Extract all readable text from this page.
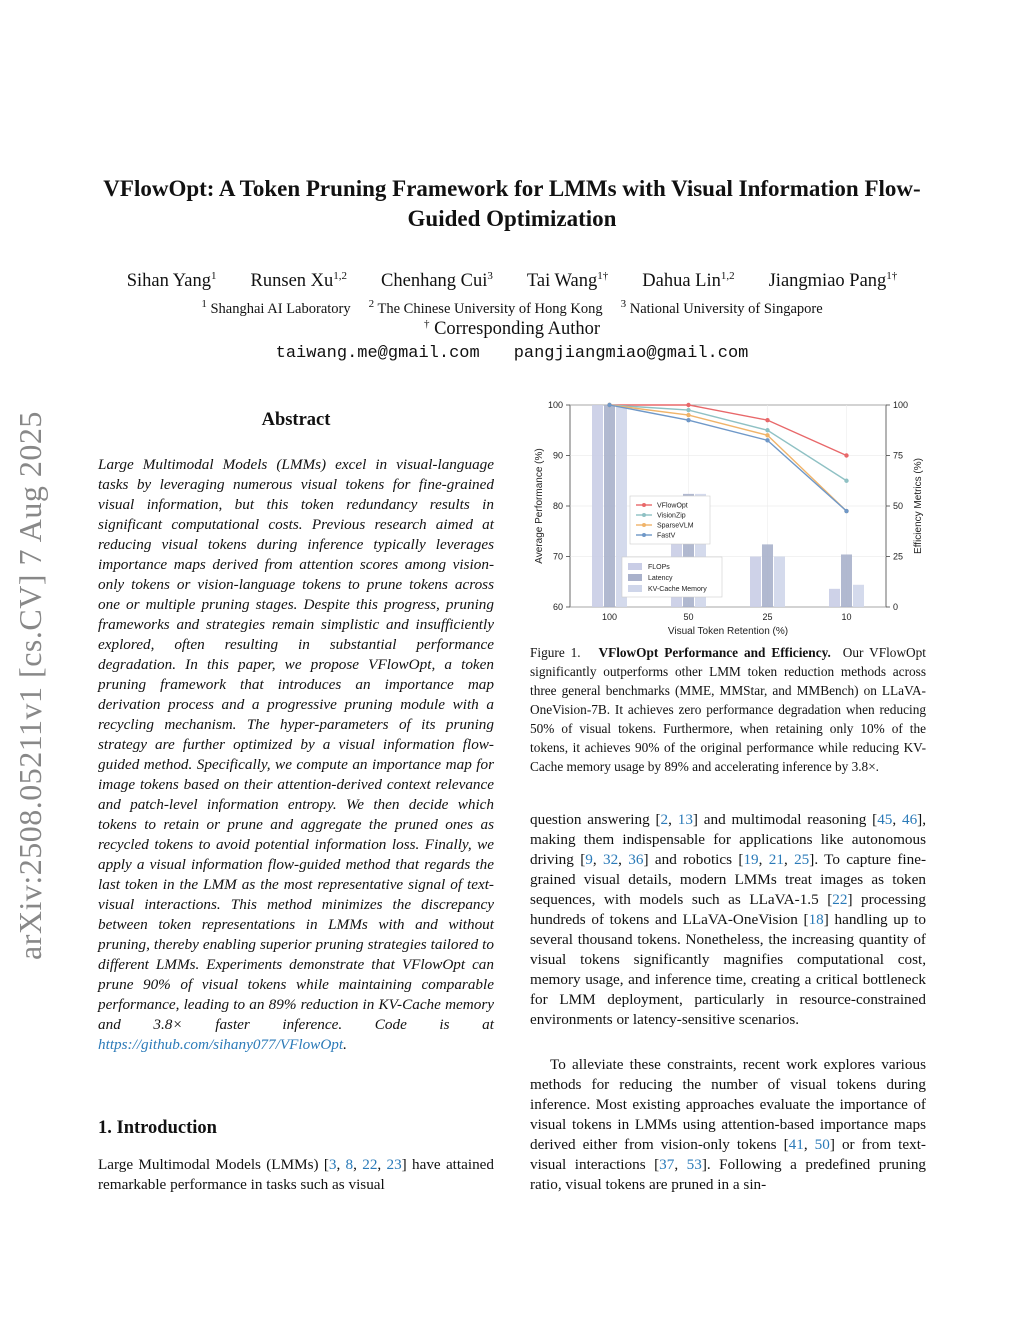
VFlowOpt: A Token Pruning Framework for LMMs with Visual Information Flow-Guided Optimization
Sihan Yang$^1$ Runsen Xu$^{1,2}$ Chenhang Cui$^3$ Tai Wang$^{1\dagger}$ Dahua Lin$^{1,2}$ Jiangmiao Pang$^{1\dagger}$
$^1$ Shanghai AI Laboratory $^2$ The Chinese University of Hong Kong $^3$ National University of Singapore
† Corresponding Author
taiwang.me@gmail.com pangjiangmiao@gmail.com
arXiv:2508.05211v1 [cs.CV] 7 Aug 2025	Abstract
Large Multimodal Models (LMMs) excel in visual-language tasks by leveraging numerous visual tokens for fine-grained visual information, but this token redundancy results in significant computational costs. Previous research aimed at reducing visual tokens during inference typically leverages importance maps derived from attention scores among vision-only tokens or vision-language tokens to prune tokens across one or multiple pruning stages. Despite this progress, pruning frameworks and strategies remain simplistic and insufficiently explored, often resulting in substantial performance degradation. In this paper, we propose VFlowOpt, a token pruning framework that introduces an importance map derivation process and a progressive pruning module with a recycling mechanism. The hyper-parameters of its pruning strategy are further optimized by a visual information flow-guided method. Specifically, we compute an importance map for image tokens based on their attention-derived context relevance and patch-level information entropy. We then decide which tokens to retain or prune and aggregate the pruned ones as recycled tokens to avoid potential information loss. Finally, we apply a visual information flow-guided method that regards the last token in the LMM as the most representative signal of text-visual interactions. This method minimizes the discrepancy between token representations in LMMs with and without pruning, thereby enabling superior pruning strategies tailored to different LMMs. Experiments demonstrate that VFlowOpt can prune 90% of visual tokens while maintaining comparable performance, leading to an 89% reduction in KV-Cache memory and 3.8× faster inference. Code is at https://github.com/sihany077/VFlowOpt.
1. Introduction
Large Multimodal Models (LMMs) [3, 8, 22, 23] have attained remarkable performance in tasks such as visual
60
70
80
90
100
0
25
50
75
100
100	50	25	10
Visual Token Retention (%)
Average Performance (%)	Efficiency Metrics (%)
VFlowOpt
VisionZip
SparseVLM
FastV
FLOPs
Latency
KV-Cache Memory
Figure 1. VFlowOpt Performance and Efficiency. Our VFlowOpt significantly outperforms other LMM token reduction methods across three general benchmarks (MME, MMStar, and MMBench) on LLaVA-OneVision-7B. It achieves zero performance degradation when reducing 50% of visual tokens. Furthermore, when retaining only 10% of the tokens, it achieves 90% of the original performance while reducing KV-Cache memory usage by 89% and accelerating inference by 3.8×.
question answering [2, 13] and multimodal reasoning [45, 46], making them indispensable for applications like autonomous driving [9, 32, 36] and robotics [19, 21, 25]. To capture fine-grained visual details, modern LMMs treat images as token sequences, with models such as LLaVA-1.5 [22] processing hundreds of tokens and LLaVA-OneVision [18] handling up to several thousand tokens. Nonetheless, the increasing quantity of visual tokens significantly magnifies computational cost, memory usage, and inference time, creating a critical bottleneck for LMM deployment, particularly in resource-constrained environments or latency-sensitive scenarios.
To alleviate these constraints, recent work explores various methods for reducing the number of visual tokens during inference. Most existing approaches evaluate the importance of visual tokens in LMMs using attention-based importance maps derived either from vision-only tokens [41, 50] or from text-visual interactions [37, 53]. Following a predefined pruning ratio, visual tokens are pruned in a sin-
